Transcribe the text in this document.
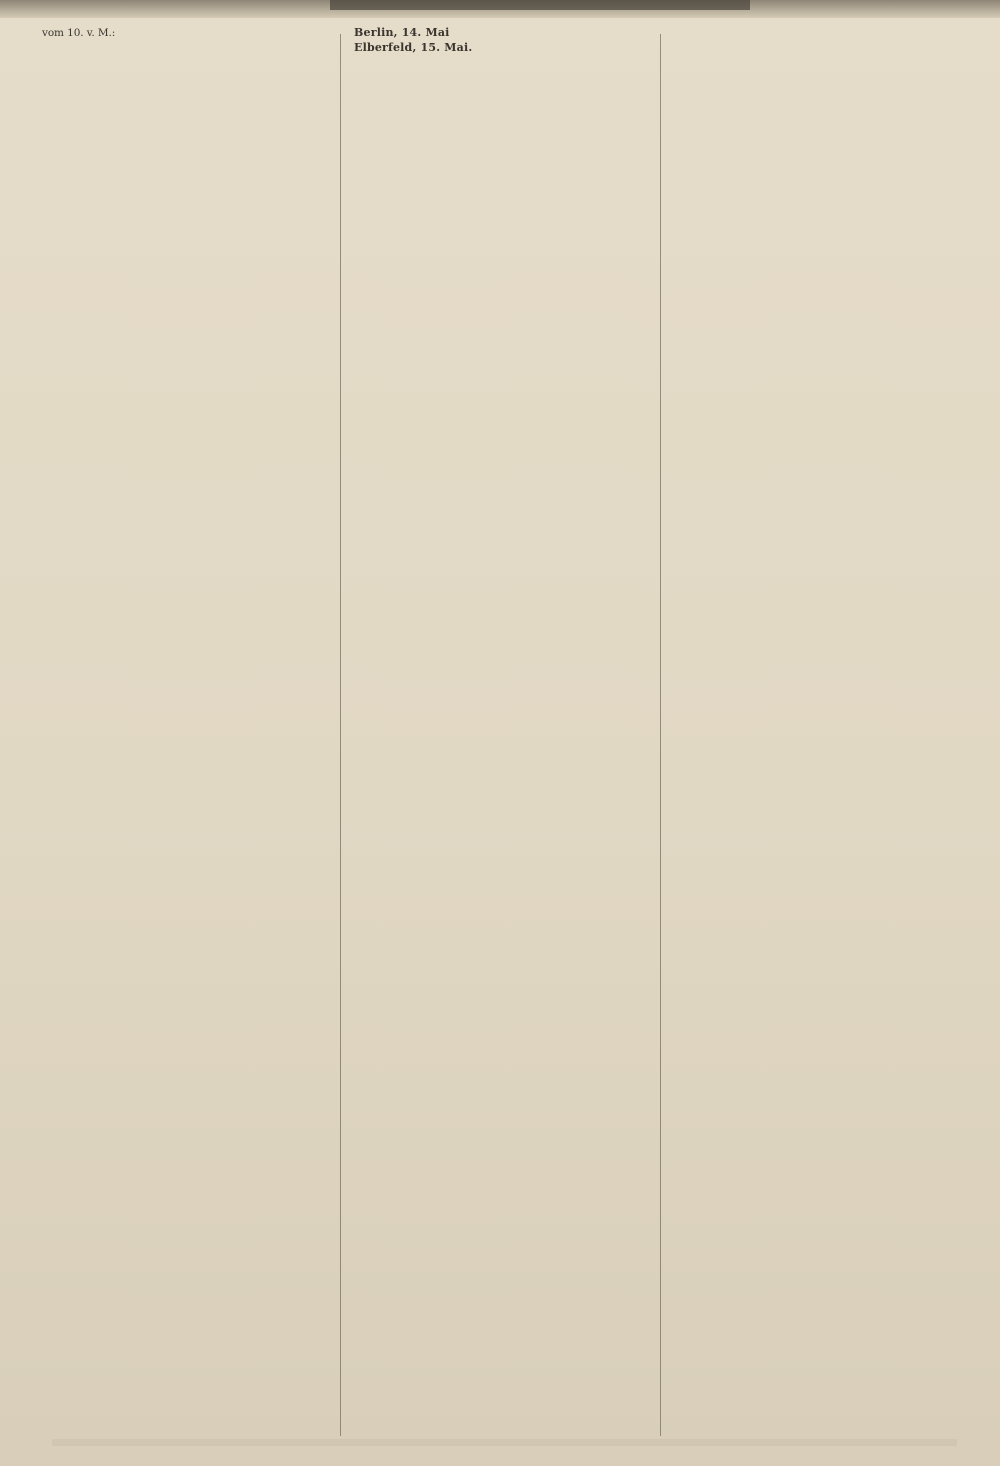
vom 10. v. M.:	Berlin, 14. Mai

Elberfeld, 15. Mai.
